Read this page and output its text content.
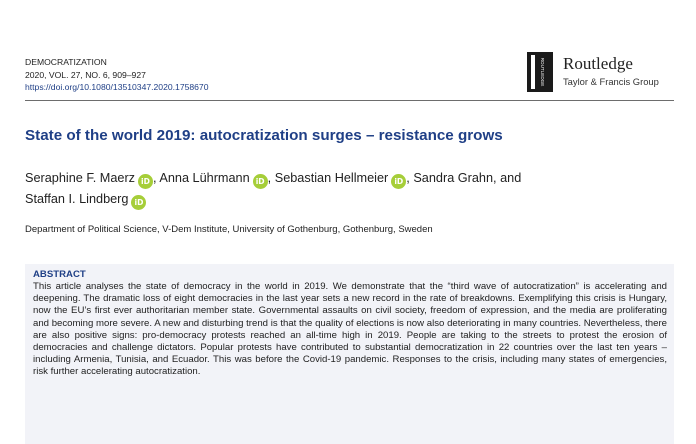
DEMOCRATIZATION
2020, VOL. 27, NO. 6, 909–927
https://doi.org/10.1080/13510347.2020.1758670
ROUTLEDGE Routledge
Taylor & Francis Group
State of the world 2019: autocratization surges – resistance grows
Seraphine F. Maerz iD , Anna Lührmann iD , Sebastian Hellmeier iD , Sandra Grahn, and
Staffan I. Lindberg iD
Department of Political Science, V-Dem Institute, University of Gothenburg, Gothenburg, Sweden
ABSTRACT
This article analyses the state of democracy in the world in 2019. We demonstrate that the “third wave of autocratization” is accelerating and deepening. The dramatic loss of eight democracies in the last year sets a new record in the rate of breakdowns. Exemplifying this crisis is Hungary, now the EU’s first ever authoritarian member state. Governmental assaults on civil society, freedom of expression, and the media are proliferating and becoming more severe. A new and disturbing trend is that the quality of elections is now also deteriorating in many countries. Nevertheless, there are also positive signs: pro-democracy protests reached an all-time high in 2019. People are taking to the streets to protest the erosion of democracies and challenge dictators. Popular protests have contributed to substantial democratization in 22 countries over the last ten years – including Armenia, Tunisia, and Ecuador. This was before the Covid-19 pandemic. Responses to the crisis, including many states of emergencies, risk further accelerating autocratization.
